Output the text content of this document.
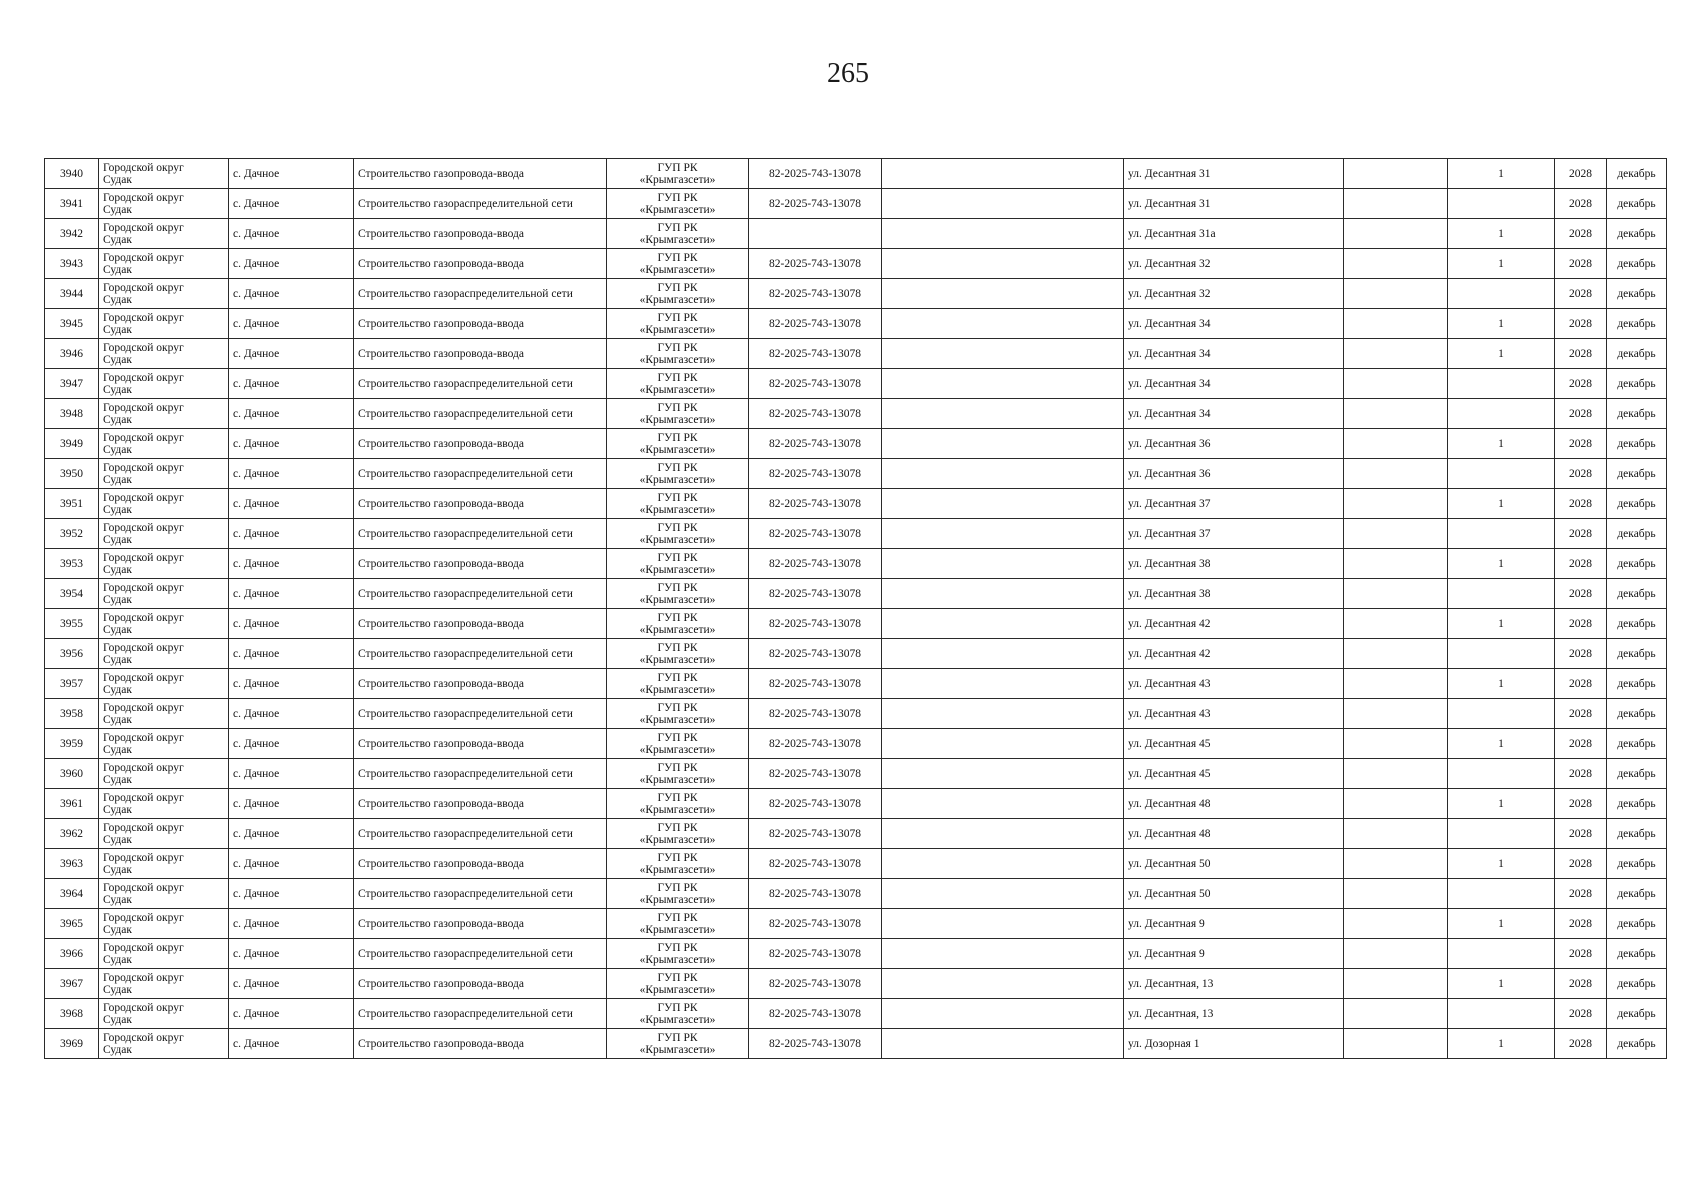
265
3940	Городской округ
Судак	с. Дачное	Строительство газопровода-ввода	ГУП РК
«Крымгазсети»	82-2025-743-13078		ул. Десантная 31		1	2028	декабрь
3941	Городской округ
Судак	с. Дачное	Строительство газораспределительной сети	ГУП РК
«Крымгазсети»	82-2025-743-13078		ул. Десантная 31			2028	декабрь
3942	Городской округ
Судак	с. Дачное	Строительство газопровода-ввода	ГУП РК
«Крымгазсети»			ул. Десантная 31а		1	2028	декабрь
3943	Городской округ
Судак	с. Дачное	Строительство газопровода-ввода	ГУП РК
«Крымгазсети»	82-2025-743-13078		ул. Десантная 32		1	2028	декабрь
3944	Городской округ
Судак	с. Дачное	Строительство газораспределительной сети	ГУП РК
«Крымгазсети»	82-2025-743-13078		ул. Десантная 32			2028	декабрь
3945	Городской округ
Судак	с. Дачное	Строительство газопровода-ввода	ГУП РК
«Крымгазсети»	82-2025-743-13078		ул. Десантная 34		1	2028	декабрь
3946	Городской округ
Судак	с. Дачное	Строительство газопровода-ввода	ГУП РК
«Крымгазсети»	82-2025-743-13078		ул. Десантная 34		1	2028	декабрь
3947	Городской округ
Судак	с. Дачное	Строительство газораспределительной сети	ГУП РК
«Крымгазсети»	82-2025-743-13078		ул. Десантная 34			2028	декабрь
3948	Городской округ
Судак	с. Дачное	Строительство газораспределительной сети	ГУП РК
«Крымгазсети»	82-2025-743-13078		ул. Десантная 34			2028	декабрь
3949	Городской округ
Судак	с. Дачное	Строительство газопровода-ввода	ГУП РК
«Крымгазсети»	82-2025-743-13078		ул. Десантная 36		1	2028	декабрь
3950	Городской округ
Судак	с. Дачное	Строительство газораспределительной сети	ГУП РК
«Крымгазсети»	82-2025-743-13078		ул. Десантная 36			2028	декабрь
3951	Городской округ
Судак	с. Дачное	Строительство газопровода-ввода	ГУП РК
«Крымгазсети»	82-2025-743-13078		ул. Десантная 37		1	2028	декабрь
3952	Городской округ
Судак	с. Дачное	Строительство газораспределительной сети	ГУП РК
«Крымгазсети»	82-2025-743-13078		ул. Десантная 37			2028	декабрь
3953	Городской округ
Судак	с. Дачное	Строительство газопровода-ввода	ГУП РК
«Крымгазсети»	82-2025-743-13078		ул. Десантная 38		1	2028	декабрь
3954	Городской округ
Судак	с. Дачное	Строительство газораспределительной сети	ГУП РК
«Крымгазсети»	82-2025-743-13078		ул. Десантная 38			2028	декабрь
3955	Городской округ
Судак	с. Дачное	Строительство газопровода-ввода	ГУП РК
«Крымгазсети»	82-2025-743-13078		ул. Десантная 42		1	2028	декабрь
3956	Городской округ
Судак	с. Дачное	Строительство газораспределительной сети	ГУП РК
«Крымгазсети»	82-2025-743-13078		ул. Десантная 42			2028	декабрь
3957	Городской округ
Судак	с. Дачное	Строительство газопровода-ввода	ГУП РК
«Крымгазсети»	82-2025-743-13078		ул. Десантная 43		1	2028	декабрь
3958	Городской округ
Судак	с. Дачное	Строительство газораспределительной сети	ГУП РК
«Крымгазсети»	82-2025-743-13078		ул. Десантная 43			2028	декабрь
3959	Городской округ
Судак	с. Дачное	Строительство газопровода-ввода	ГУП РК
«Крымгазсети»	82-2025-743-13078		ул. Десантная 45		1	2028	декабрь
3960	Городской округ
Судак	с. Дачное	Строительство газораспределительной сети	ГУП РК
«Крымгазсети»	82-2025-743-13078		ул. Десантная 45			2028	декабрь
3961	Городской округ
Судак	с. Дачное	Строительство газопровода-ввода	ГУП РК
«Крымгазсети»	82-2025-743-13078		ул. Десантная 48		1	2028	декабрь
3962	Городской округ
Судак	с. Дачное	Строительство газораспределительной сети	ГУП РК
«Крымгазсети»	82-2025-743-13078		ул. Десантная 48			2028	декабрь
3963	Городской округ
Судак	с. Дачное	Строительство газопровода-ввода	ГУП РК
«Крымгазсети»	82-2025-743-13078		ул. Десантная 50		1	2028	декабрь
3964	Городской округ
Судак	с. Дачное	Строительство газораспределительной сети	ГУП РК
«Крымгазсети»	82-2025-743-13078		ул. Десантная 50			2028	декабрь
3965	Городской округ
Судак	с. Дачное	Строительство газопровода-ввода	ГУП РК
«Крымгазсети»	82-2025-743-13078		ул. Десантная 9		1	2028	декабрь
3966	Городской округ
Судак	с. Дачное	Строительство газораспределительной сети	ГУП РК
«Крымгазсети»	82-2025-743-13078		ул. Десантная 9			2028	декабрь
3967	Городской округ
Судак	с. Дачное	Строительство газопровода-ввода	ГУП РК
«Крымгазсети»	82-2025-743-13078		ул. Десантная, 13		1	2028	декабрь
3968	Городской округ
Судак	с. Дачное	Строительство газораспределительной сети	ГУП РК
«Крымгазсети»	82-2025-743-13078		ул. Десантная, 13			2028	декабрь
3969	Городской округ
Судак	с. Дачное	Строительство газопровода-ввода	ГУП РК
«Крымгазсети»	82-2025-743-13078		ул. Дозорная 1		1	2028	декабрь
